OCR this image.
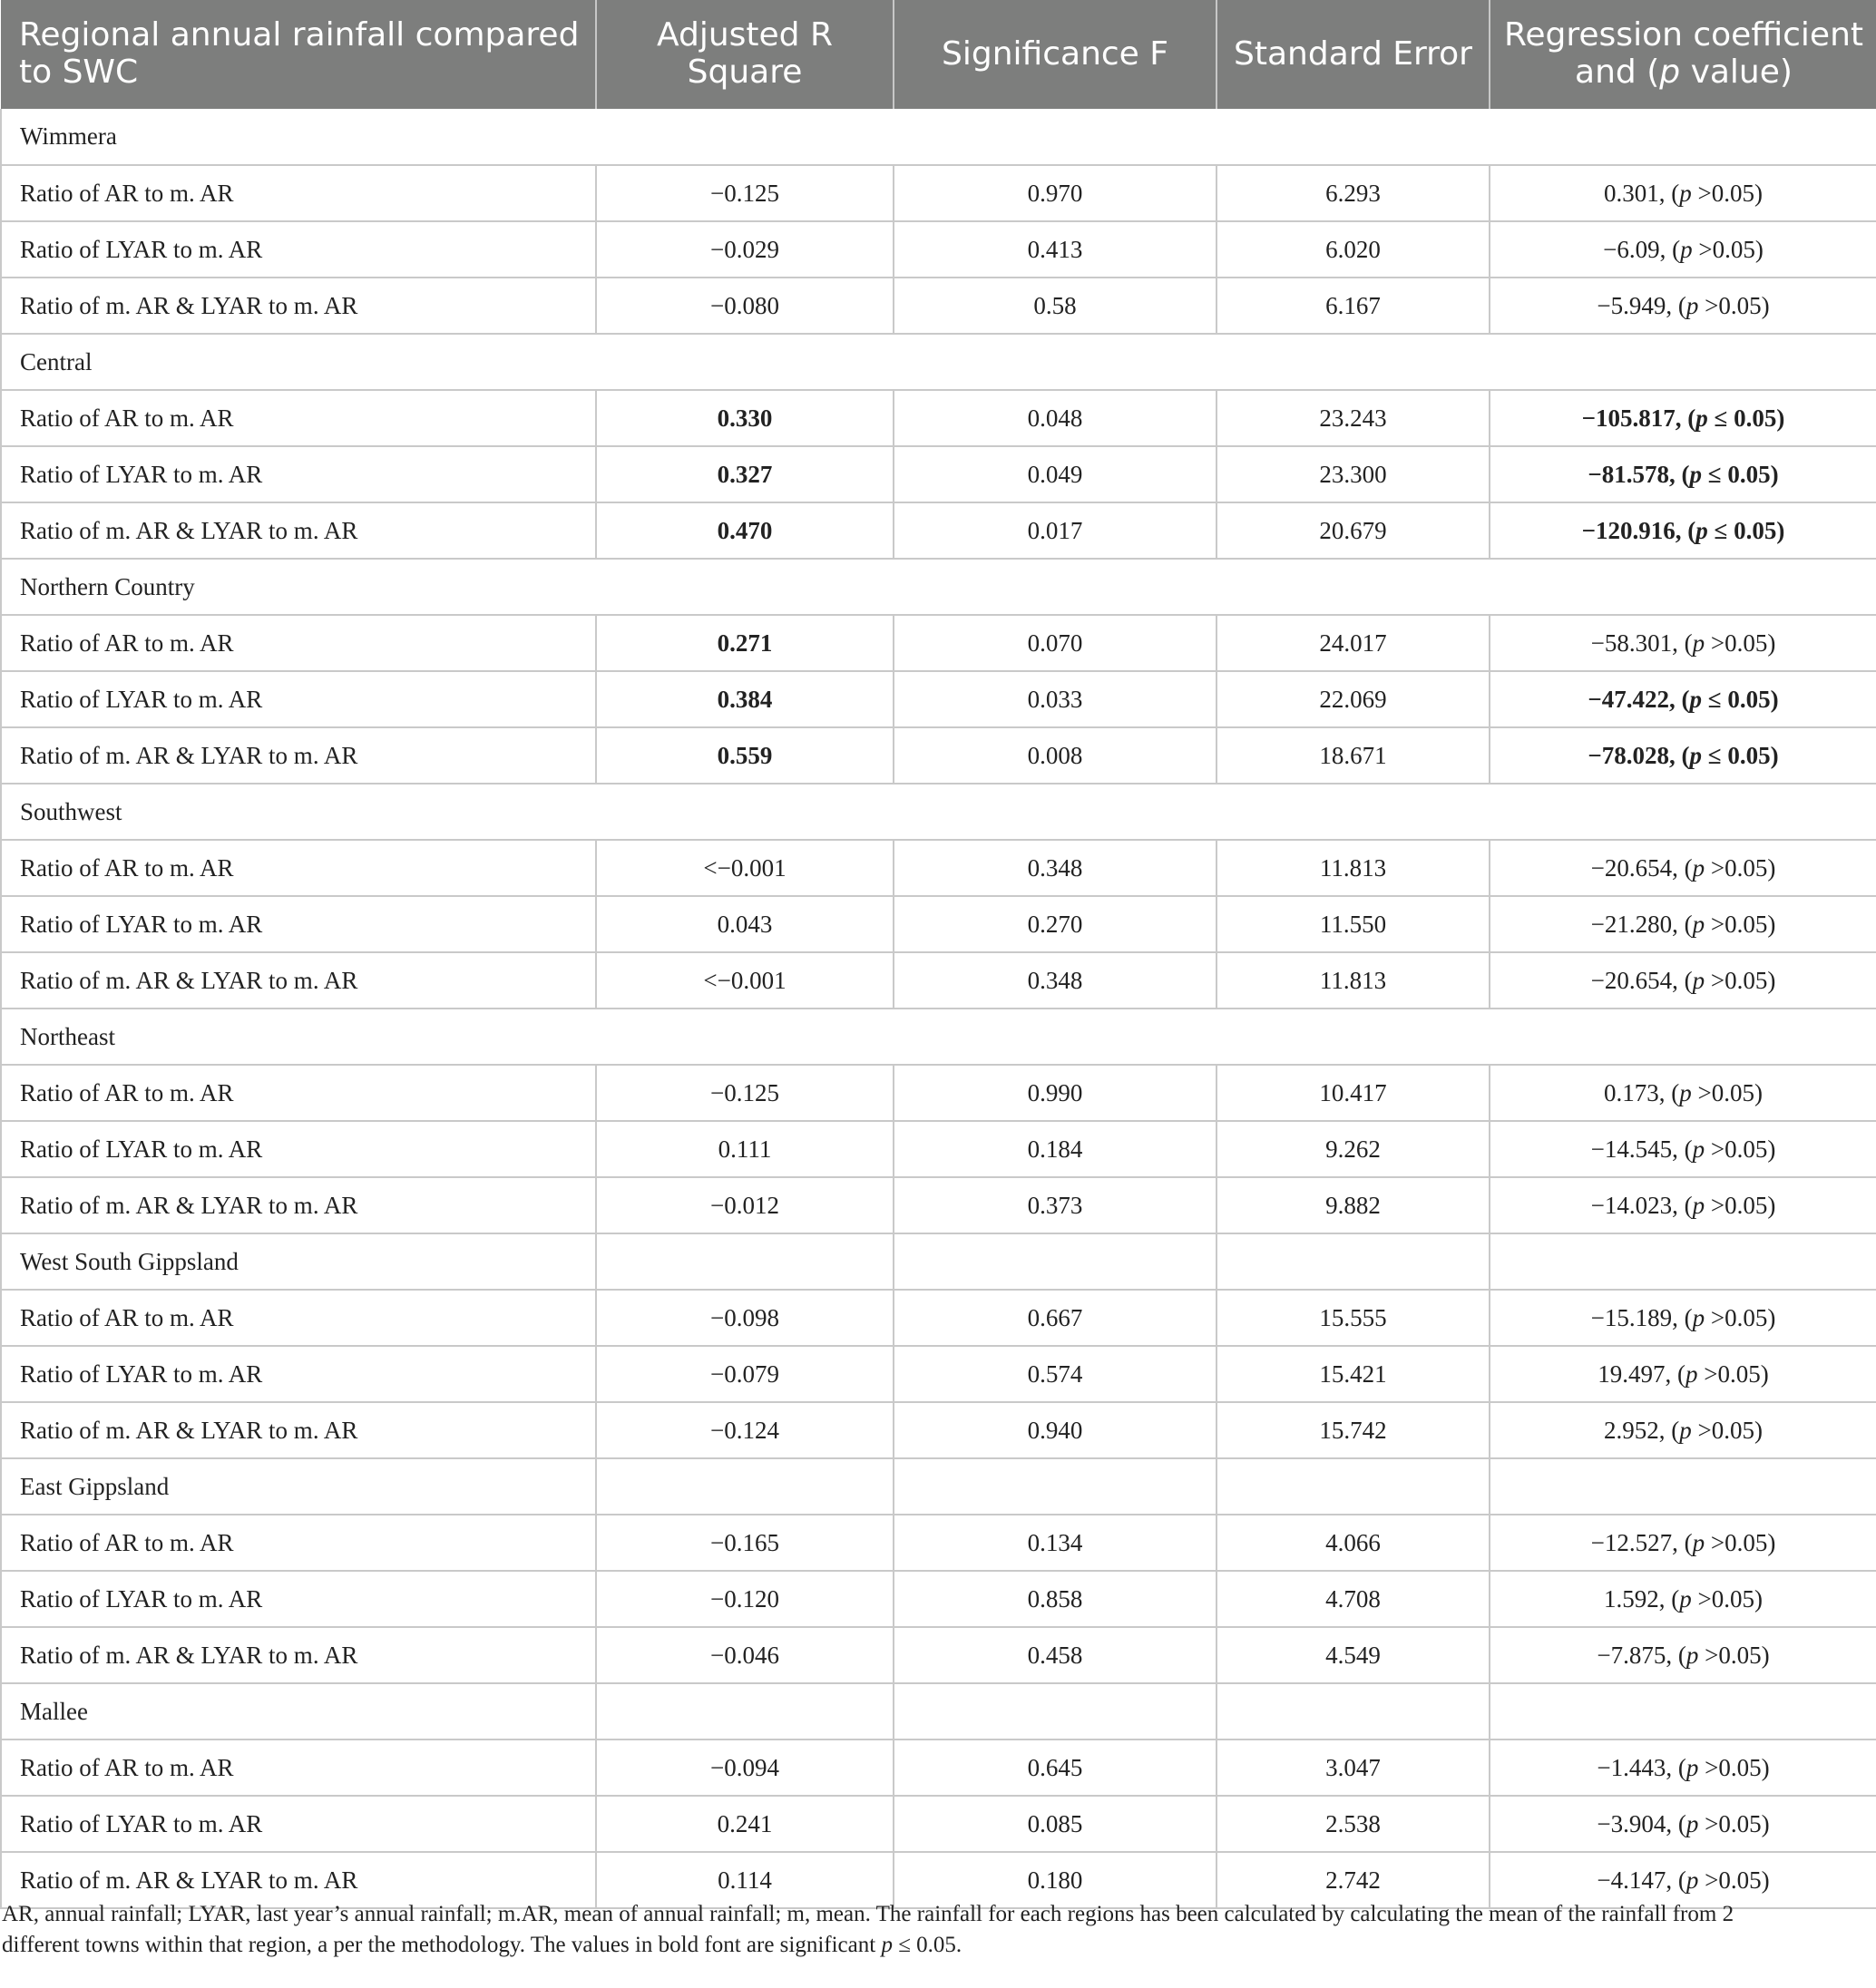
Regional annual rainfall compared to SWC	Adjusted R Square	Significance F	Standard Error	Regression coefficient and (p value)
Wimmera				
Ratio of AR to m. AR	−0.125	0.970	6.293	0.301, (p >0.05)
Ratio of LYAR to m. AR	−0.029	0.413	6.020	−6.09, (p >0.05)
Ratio of m. AR & LYAR to m. AR	−0.080	0.58	6.167	−5.949, (p >0.05)
Central				
Ratio of AR to m. AR	0.330	0.048	23.243	−105.817, (p ≤ 0.05)
Ratio of LYAR to m. AR	0.327	0.049	23.300	−81.578, (p ≤ 0.05)
Ratio of m. AR & LYAR to m. AR	0.470	0.017	20.679	−120.916, (p ≤ 0.05)
Northern Country				
Ratio of AR to m. AR	0.271	0.070	24.017	−58.301, (p >0.05)
Ratio of LYAR to m. AR	0.384	0.033	22.069	−47.422, (p ≤ 0.05)
Ratio of m. AR & LYAR to m. AR	0.559	0.008	18.671	−78.028, (p ≤ 0.05)
Southwest				
Ratio of AR to m. AR	<−0.001	0.348	11.813	−20.654, (p >0.05)
Ratio of LYAR to m. AR	0.043	0.270	11.550	−21.280, (p >0.05)
Ratio of m. AR & LYAR to m. AR	<−0.001	0.348	11.813	−20.654, (p >0.05)
Northeast				
Ratio of AR to m. AR	−0.125	0.990	10.417	0.173, (p >0.05)
Ratio of LYAR to m. AR	0.111	0.184	9.262	−14.545, (p >0.05)
Ratio of m. AR & LYAR to m. AR	−0.012	0.373	9.882	−14.023, (p >0.05)
West South Gippsland				
Ratio of AR to m. AR	−0.098	0.667	15.555	−15.189, (p >0.05)
Ratio of LYAR to m. AR	−0.079	0.574	15.421	19.497, (p >0.05)
Ratio of m. AR & LYAR to m. AR	−0.124	0.940	15.742	2.952, (p >0.05)
East Gippsland				
Ratio of AR to m. AR	−0.165	0.134	4.066	−12.527, (p >0.05)
Ratio of LYAR to m. AR	−0.120	0.858	4.708	1.592, (p >0.05)
Ratio of m. AR & LYAR to m. AR	−0.046	0.458	4.549	−7.875, (p >0.05)
Mallee				
Ratio of AR to m. AR	−0.094	0.645	3.047	−1.443, (p >0.05)
Ratio of LYAR to m. AR	0.241	0.085	2.538	−3.904, (p >0.05)
Ratio of m. AR & LYAR to m. AR	0.114	0.180	2.742	−4.147, (p >0.05)
AR, annual rainfall; LYAR, last year’s annual rainfall; m.AR, mean of annual rainfall; m, mean. The rainfall for each regions has been calculated by calculating the mean of the rainfall from 2
different towns within that region, a per the methodology. The values in bold font are significant p ≤ 0.05.
